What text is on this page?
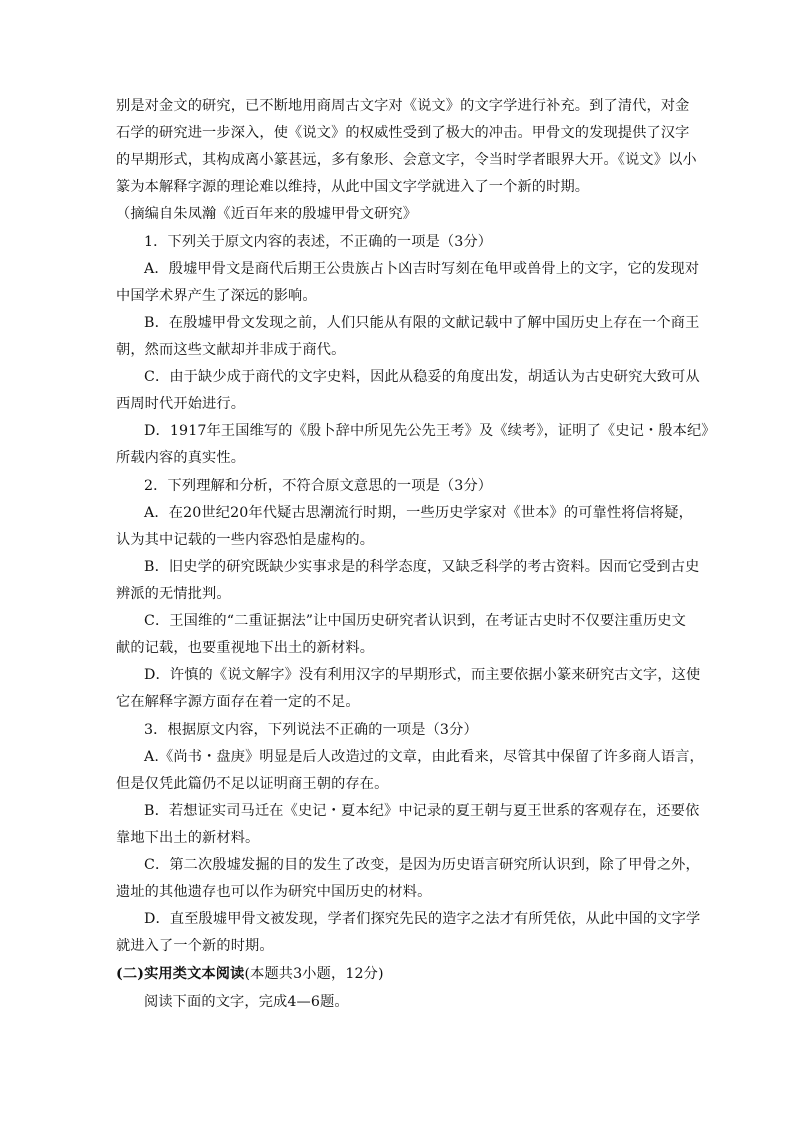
别是对金文的研究，已不断地用商周古文字对《说文》的文字学进行补充。到了清代，对金
石学的研究进一步深入，使《说文》的权威性受到了极大的冲击。甲骨文的发现提供了汉字
的早期形式，其构成离小篆甚远，多有象形、会意文字，令当时学者眼界大开。《说文》以小
篆为本解释字源的理论难以维持，从此中国文字学就进入了一个新的时期。
（摘编自朱凤瀚《近百年来的殷墟甲骨文研究》
1．下列关于原文内容的表述，不正确的一项是（3分）
A．殷墟甲骨文是商代后期王公贵族占卜凶吉时写刻在龟甲或兽骨上的文字，它的发现对
中国学术界产生了深远的影响。
B．在殷墟甲骨文发现之前，人们只能从有限的文献记载中了解中国历史上存在一个商王
朝，然而这些文献却并非成于商代。
C．由于缺少成于商代的文字史料，因此从稳妥的角度出发，胡适认为古史研究大致可从
西周时代开始进行。
D．1917年王国维写的《殷卜辞中所见先公先王考》及《续考》，证明了《史记・殷本纪》
所载内容的真实性。
2．下列理解和分析，不符合原文意思的一项是（3分）
A．在20世纪20年代疑古思潮流行时期，一些历史学家对《世本》的可靠性将信将疑，
认为其中记载的一些内容恐怕是虚构的。
B．旧史学的研究既缺少实事求是的科学态度，又缺乏科学的考古资料。因而它受到古史
辨派的无情批判。
C．王国维的“二重证据法”让中国历史研究者认识到，在考证古史时不仅要注重历史文
献的记载，也要重视地下出土的新材料。
D．许慎的《说文解字》没有利用汉字的早期形式，而主要依据小篆来研究古文字，这使
它在解释字源方面存在着一定的不足。
3．根据原文内容，下列说法不正确的一项是（3分）
A.《尚书・盘庚》明显是后人改造过的文章，由此看来，尽管其中保留了许多商人语言，
但是仅凭此篇仍不足以证明商王朝的存在。
B．若想证实司马迁在《史记・夏本纪》中记录的夏王朝与夏王世系的客观存在，还要依
靠地下出土的新材料。
C．第二次殷墟发掘的目的发生了改变，是因为历史语言研究所认识到，除了甲骨之外，
遗址的其他遗存也可以作为研究中国历史的材料。
D．直至殷墟甲骨文被发现，学者们探究先民的造字之法才有所凭依，从此中国的文字学
就进入了一个新的时期。
(二)实用类文本阅读(本题共3小题，12分)
阅读下面的文字，完成4—6题。
